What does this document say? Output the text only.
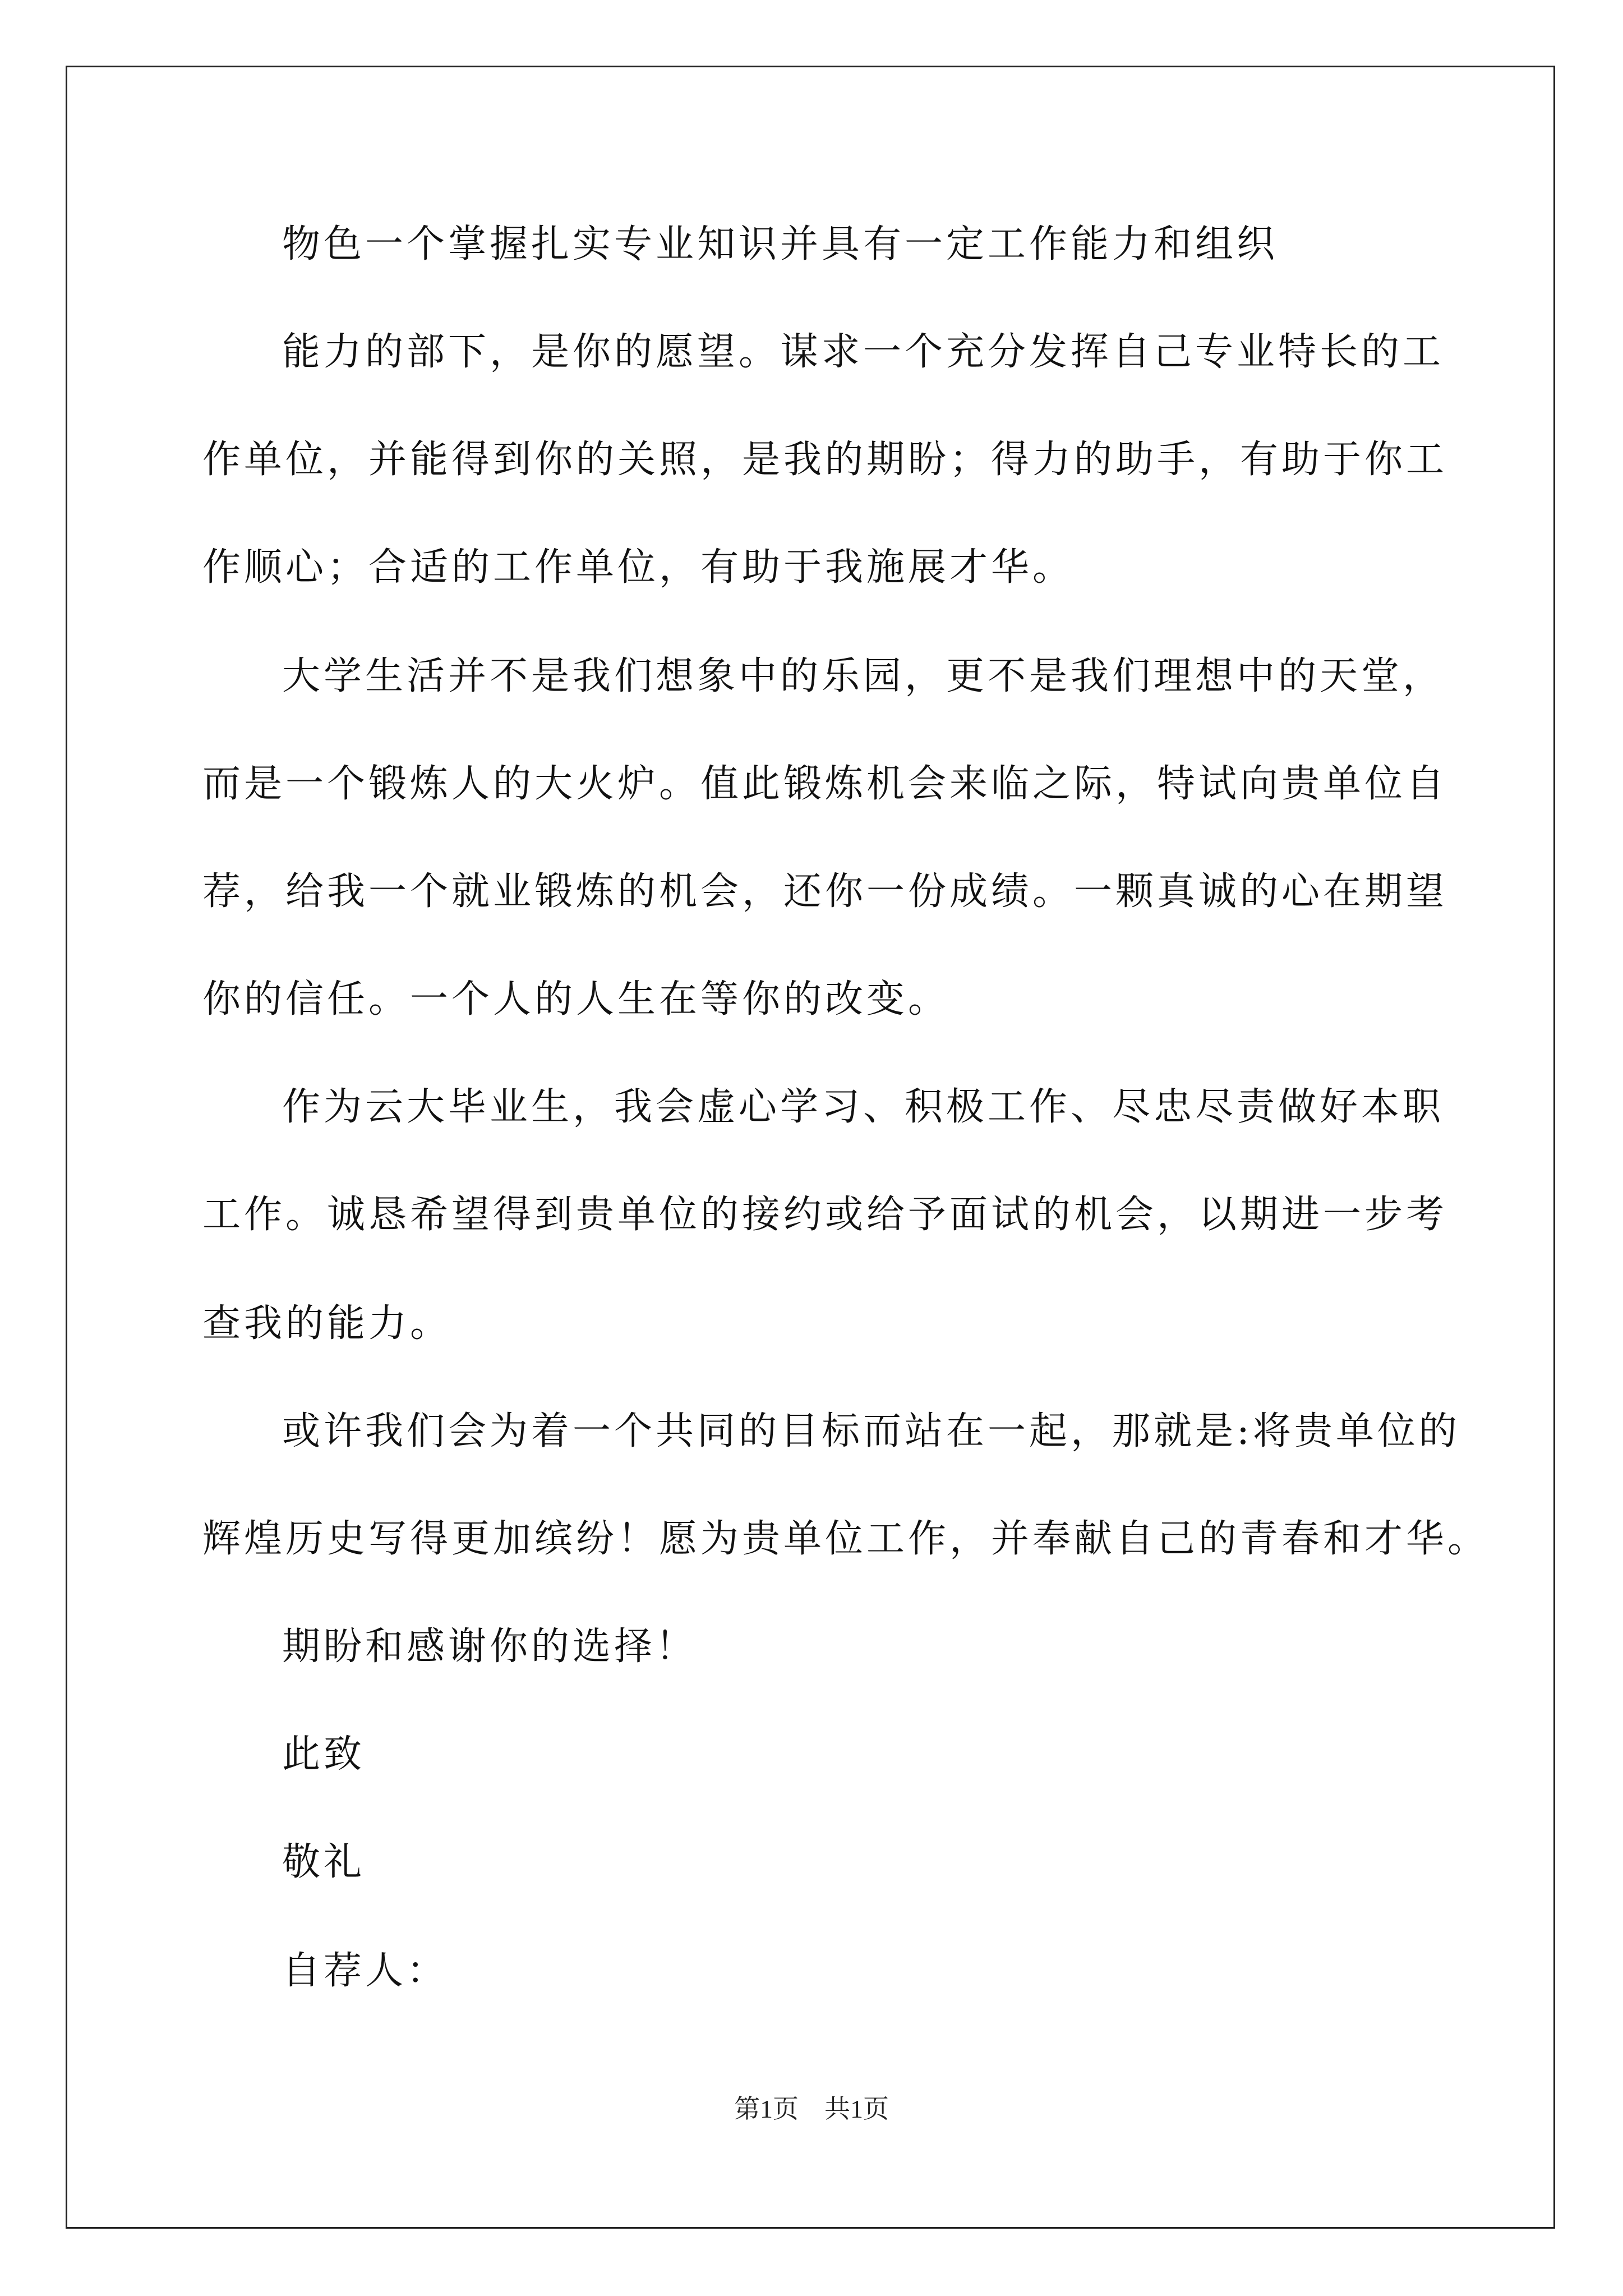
物色一个掌握扎实专业知识并具有一定工作能力和组织
能力的部下，是你的愿望。谋求一个充分发挥自己专业特长的工
作单位，并能得到你的关照，是我的期盼；得力的助手，有助于你工
作顺心；合适的工作单位，有助于我施展才华。
大学生活并不是我们想象中的乐园，更不是我们理想中的天堂，
而是一个锻炼人的大火炉。值此锻炼机会来临之际，特试向贵单位自
荐，给我一个就业锻炼的机会，还你一份成绩。一颗真诚的心在期望
你的信任。一个人的人生在等你的改变。
作为云大毕业生，我会虚心学习、积极工作、尽忠尽责做好本职
工作。诚恳希望得到贵单位的接约或给予面试的机会，以期进一步考
查我的能力。
或许我们会为着一个共同的目标而站在一起，那就是:将贵单位的
辉煌历史写得更加缤纷！愿为贵单位工作，并奉献自己的青春和才华。
期盼和感谢你的选择！
此致
敬礼
自荐人：
第1页 共1页
